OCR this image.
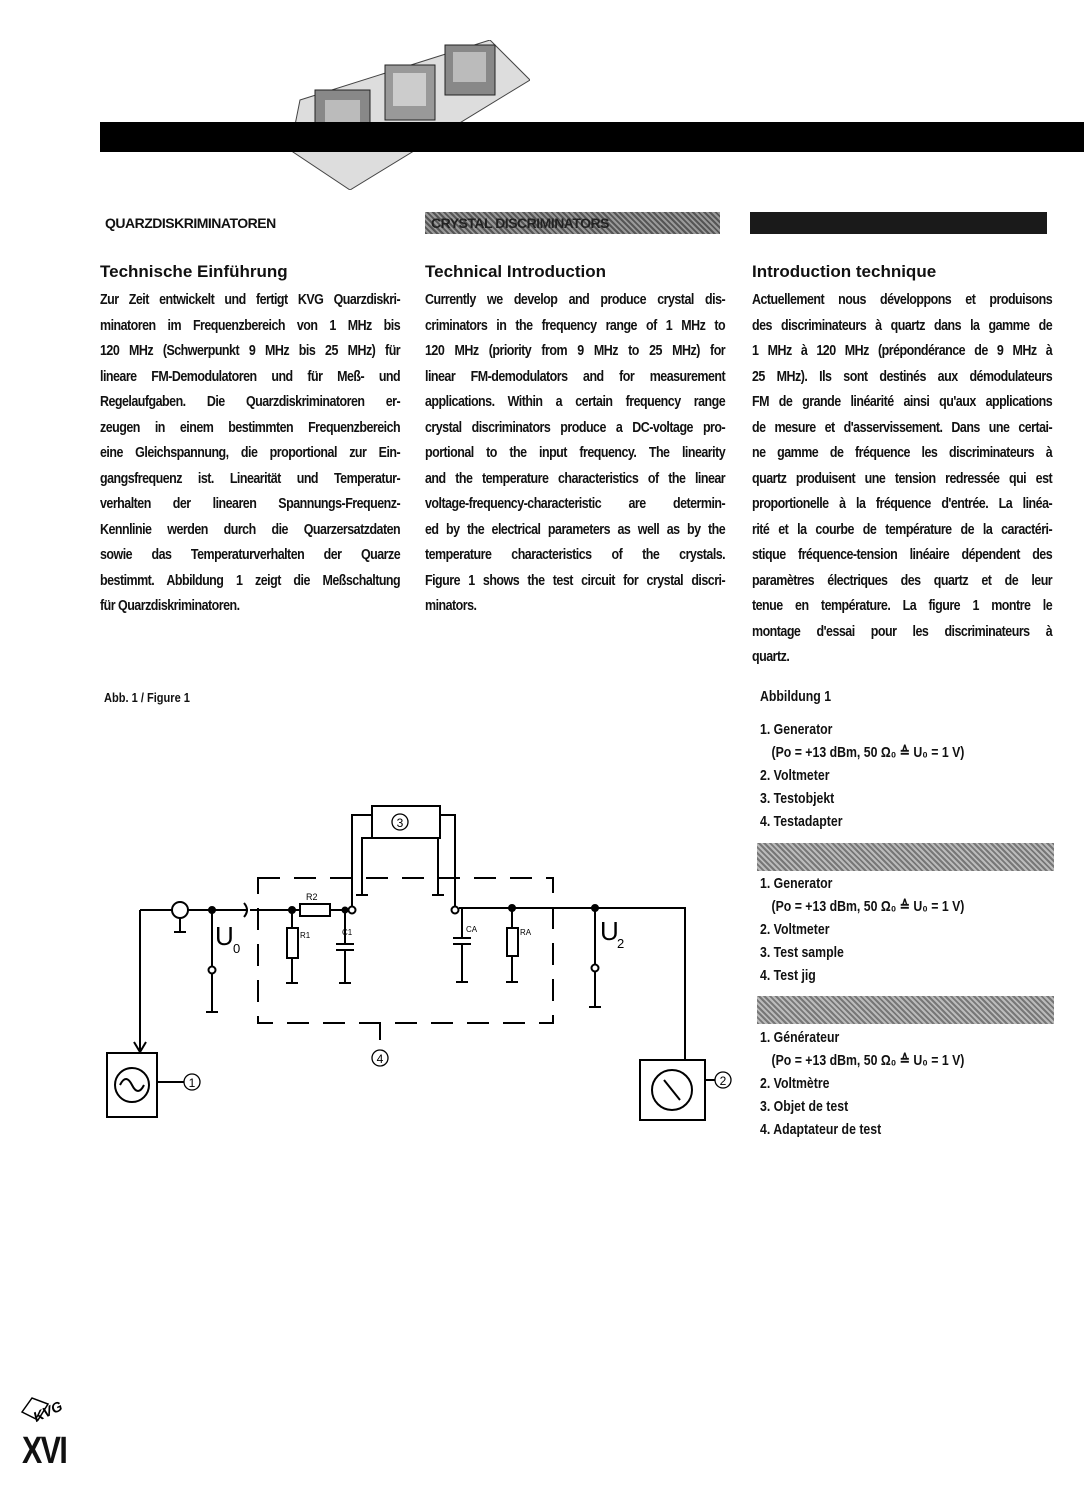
QUARZDISKRIMINATOREN	CRYSTAL DISCRIMINATORS
Technische Einführung
Zur Zeit entwickelt und fertigt KVG Quarzdiskri-
minatoren im Frequenzbereich von 1 MHz bis
120 MHz (Schwerpunkt 9 MHz bis 25 MHz) für
lineare FM-Demodulatoren und für Meß- und
Regelaufgaben. Die Quarzdiskriminatoren er-
zeugen in einem bestimmten Frequenzbereich
eine Gleichspannung, die proportional zur Ein-
gangsfrequenz ist. Linearität und Temperatur-
verhalten der linearen Spannungs-Frequenz-
Kennlinie werden durch die Quarzersatzdaten
sowie das Temperaturverhalten der Quarze
bestimmt. Abbildung 1 zeigt die Meßschaltung
für Quarzdiskriminatoren.
Technical Introduction
Currently we develop and produce crystal dis-
criminators in the frequency range of 1 MHz to
120 MHz (priority from 9 MHz to 25 MHz) for
linear FM-demodulators and for measurement
applications. Within a certain frequency range
crystal discriminators produce a DC-voltage pro-
portional to the input frequency. The linearity
and the temperature characteristics of the linear
voltage-frequency-characteristic are determin-
ed by the electrical parameters as well as by the
temperature characteristics of the crystals.
Figure 1 shows the test circuit for crystal discri-
minators.
Introduction technique
Actuellement nous développons et produisons
des discriminateurs à quartz dans la gamme de
1 MHz à 120 MHz (prépondérance de 9 MHz à
25 MHz). Ils sont destinés aux démodulateurs
FM de grande linéarité ainsi qu'aux applications
de mesure et d'asservissement. Dans une certai-
ne gamme de fréquence les discriminateurs à
quartz produisent une tension redressée qui est
proportionelle à la fréquence d'entrée. La linéa-
rité et la courbe de température de la caractéri-
stique fréquence-tension linéaire dépendent des
paramètres électriques des quartz et de leur
tenue en température. La figure 1 montre le
montage d'essai pour les discriminateurs à
quartz.
Abb. 1 / Figure 1
1	2
3
4
U 0
U
2
R2
R1	C1	CA	RA
Abbildung 1
1. Generator
(Po = +13 dBm, 50 Ω₀ ≙ U₀ = 1 V)
2. Voltmeter
3. Testobjekt
4. Testadapter
1. Generator
(Po = +13 dBm, 50 Ω₀ ≙ U₀ = 1 V)
2. Voltmeter
3. Test sample
4. Test jig
1. Générateur
(Po = +13 dBm, 50 Ω₀ ≙ U₀ = 1 V)
2. Voltmètre
3. Objet de test
4. Adaptateur de test
KVG
XVI
